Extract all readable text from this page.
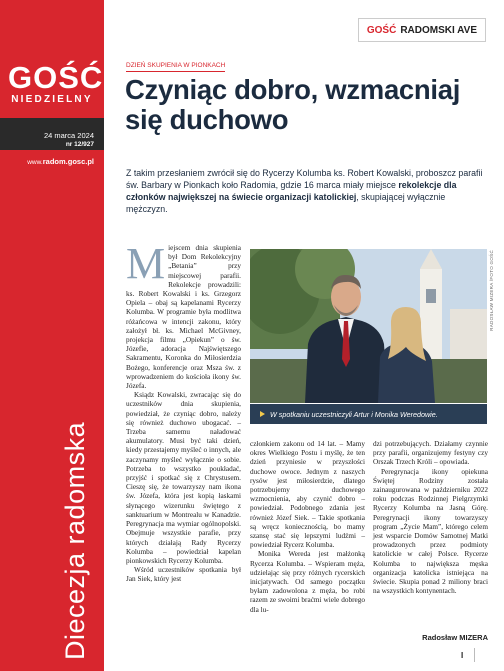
GOŚĆ
NIEDZIELNY
24 marca 2024
nr 12/927
www.radom.gosc.pl
Diecezja radomska
GOŚĆ RADOMSKI AVE
DZIEŃ SKUPIENIA W PIONKACH
Czyniąc dobro, wzmacniaj się duchowo
Z takim przesłaniem zwrócił się do Rycerzy Kolumba ks. Robert Kowalski, proboszcz parafii św. Barbary w Pionkach koło Radomia, gdzie 16 marca miały miejsce rekolekcje dla członków największej na świecie organizacji katolickiej, skupiającej wyłącznie mężczyzn.

Miejscem dnia skupienia był Dom Rekolekcyjny „Betania” przy miejscowej parafii. Rekolekcje prowadzili: ks. Robert Kowalski i ks. Grzegorz Opiela – obaj są kapelanami Rycerzy Kolumba. W programie była modlitwa różańcowa w intencji zakonu, który założył bł. ks. Michael McGivney, projekcja filmu „Opiekun” o św. Józefie, adoracja Najświętszego Sakramentu, Koronka do Miłosierdzia Bożego, konferencje oraz Msza św. z wprowadzeniem do kościoła ikony św. Józefa.

Ksiądz Kowalski, zwracając się do uczestników dnia skupienia, powiedział, że czyniąc dobro, należy się również duchowo ubogacać. – Trzeba samemu naładować akumulatory. Musi być taki dzień, kiedy przestajemy myśleć o innych, ale zaczynamy myśleć wyłącznie o sobie. Potrzeba to wszystko poukładać, przyjść i spotkać się z Chrystusem. Cieszę się, że towarzyszy nam ikona św. Józefa, która jest kopią łaskami słynącego wizerunku świętego z sanktuarium w Montrealu w Kanadzie. Peregrynacja ma wymiar ogólnopolski. Obejmuje wszystkie parafie, przy których działają Rady Rycerzy Kolumba – powiedział kapelan pionkowskich Rycerzy Kolumba.

Wśród uczestników spotkania był Jan Siek, który jest

RADOSŁAW MIZERA /FOTO GOŚĆ
W spotkaniu uczestniczyli Artur i Monika Weredowie.

członkiem zakonu od 14 lat. – Mamy okres Wielkiego Postu i myślę, że ten dzień przyniesie w przyszłości duchowe owoce. Jednym z naszych rysów jest miłosierdzie, dlatego potrzebujemy duchowego wzmocnienia, aby czynić dobro – powiedział. Podobnego zdania jest również Józef Siek. – Takie spotkania są wręcz koniecznością, bo mamy szansę stać się lepszymi ludźmi – powiedział Rycerz Kolumba.

Monika Wereda jest małżonką Rycerza Kolumba. – Wspieram męża, udzielając się przy różnych rycerskich inicjatywach. Od samego początku byłam zadowolona z męża, bo robi razem ze swoimi braćmi wiele dobrego dla lu-

dzi potrzebujących. Działamy czynnie przy parafii, organizujemy festyny czy Orszak Trzech Króli – opowiada.

Peregrynacja ikony opiekuna Świętej Rodziny została zainaugurowana w październiku 2022 roku podczas Rodzinnej Pielgrzymki Rycerzy Kolumba na Jasną Górę. Peregrynacji ikony towarzyszy program „Życie Mam”, którego celem jest wsparcie Domów Samotnej Matki prowadzonych przez podmioty katolickie w całej Polsce. Rycerze Kolumba to największa męska organizacja katolicka istniejąca na świecie. Skupia ponad 2 miliony braci na wszystkich kontynentach.

Radosław MIZERA
I
